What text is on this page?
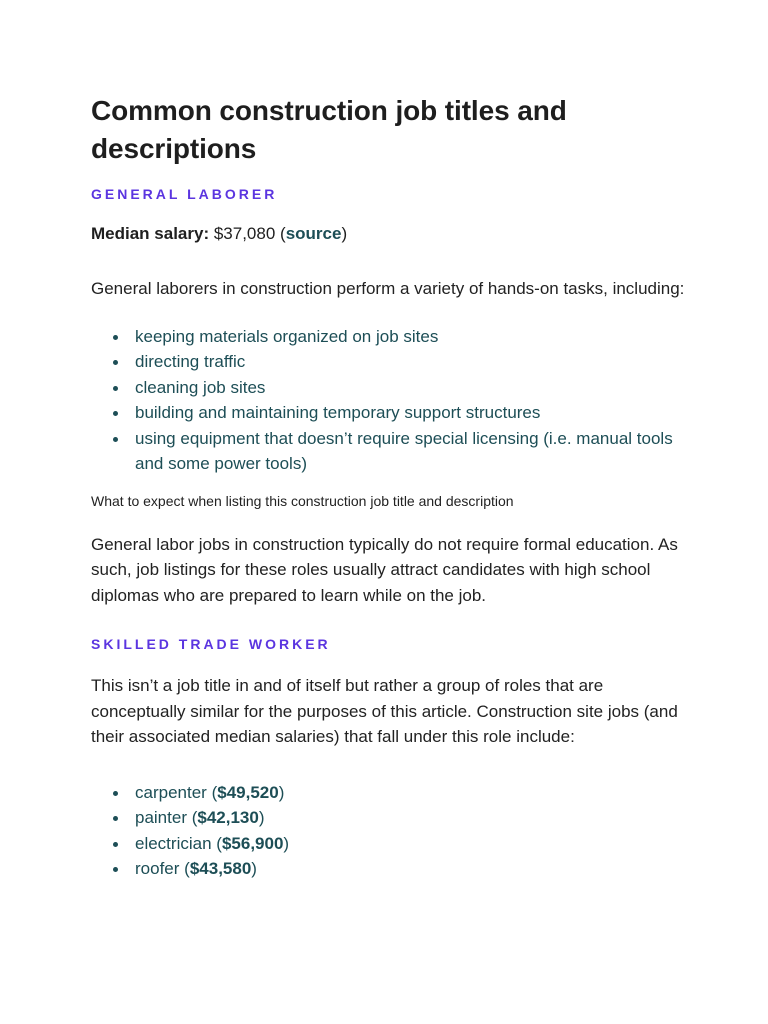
Common construction job titles and descriptions
GENERAL LABORER
Median salary: $37,080 (source)

General laborers in construction perform a variety of hands-on tasks, including:

keeping materials organized on job sites
directing traffic
cleaning job sites
building and maintaining temporary support structures
using equipment that doesn’t require special licensing (i.e. manual tools and some power tools)
What to expect when listing this construction job title and description

General labor jobs in construction typically do not require formal education. As such, job listings for these roles usually attract candidates with high school diplomas who are prepared to learn while on the job.

SKILLED TRADE WORKER

This isn’t a job title in and of itself but rather a group of roles that are conceptually similar for the purposes of this article. Construction site jobs (and their associated median salaries) that fall under this role include:

carpenter ($49,520)
painter ($42,130)
electrician ($56,900)
roofer ($43,580)
